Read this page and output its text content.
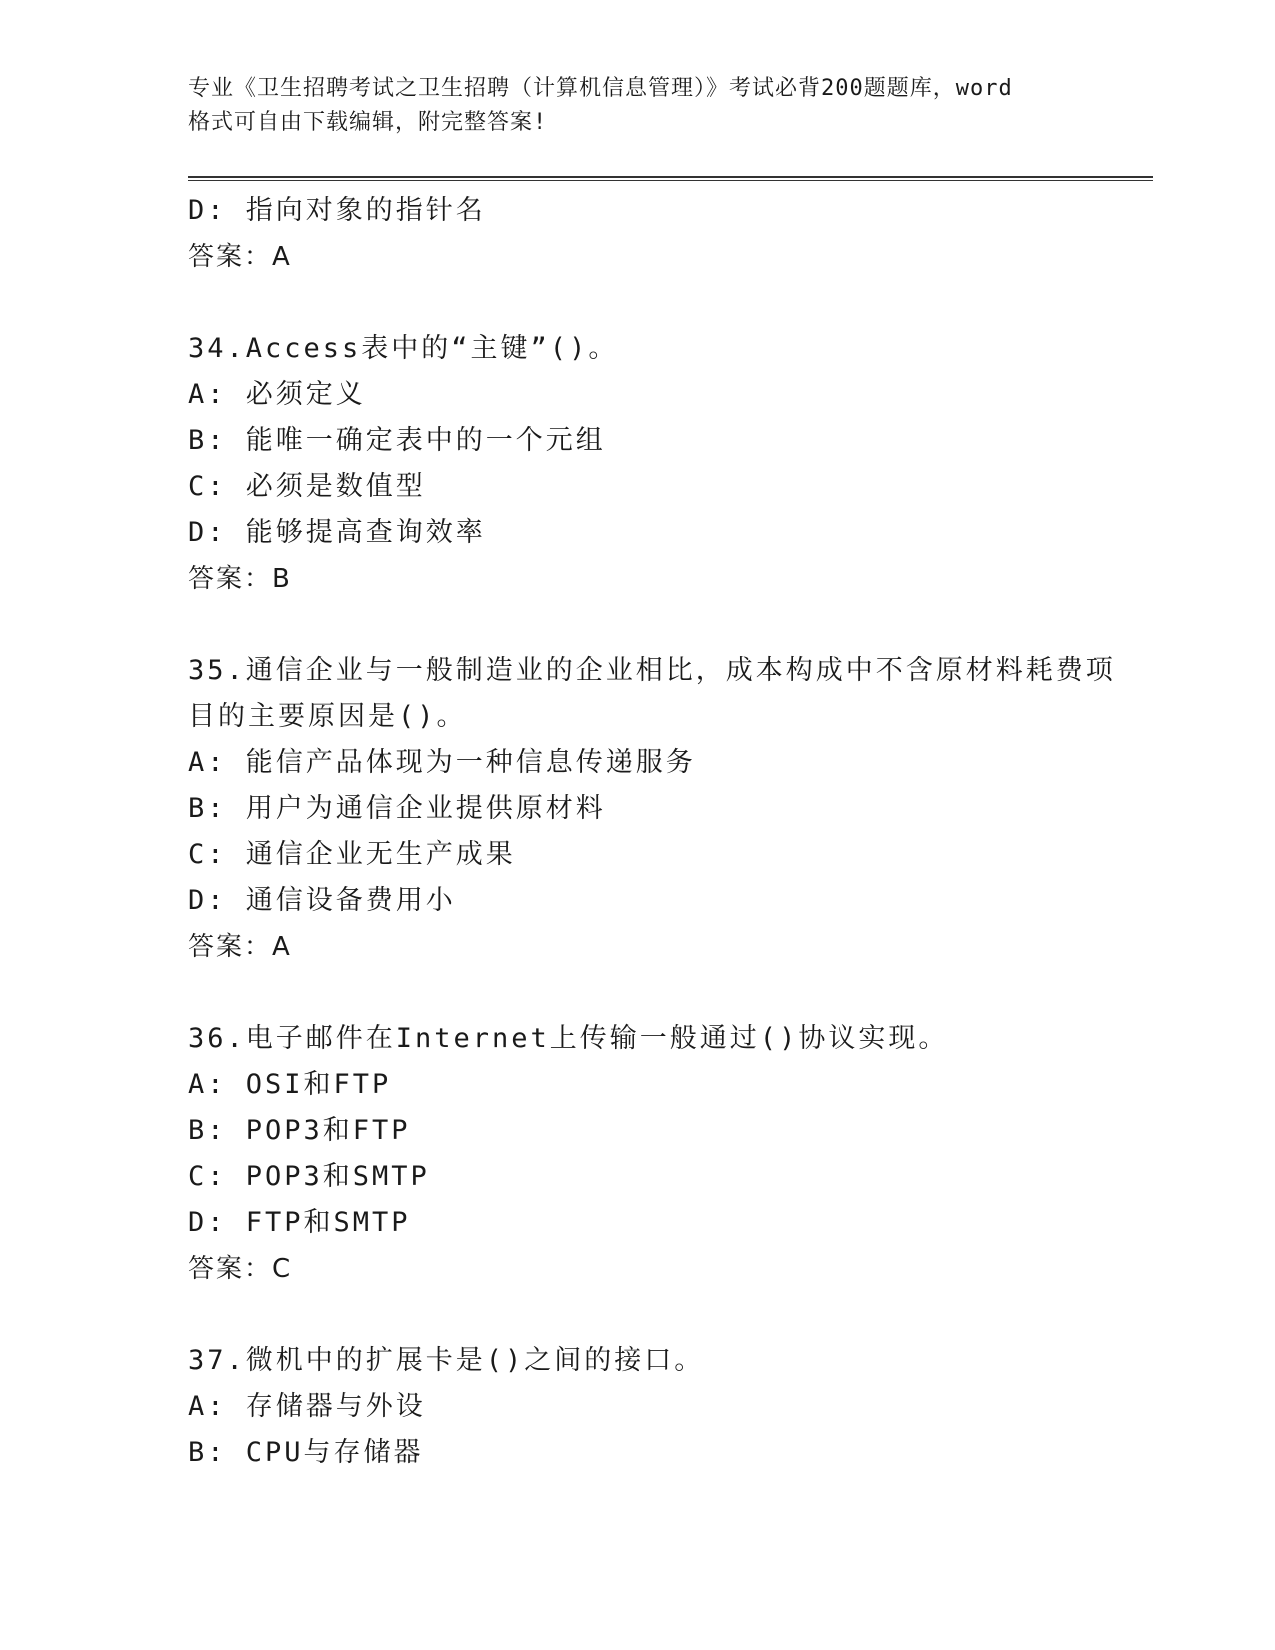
专业《卫生招聘考试之卫生招聘（计算机信息管理）》考试必背200题题库，word
格式可自由下载编辑，附完整答案!
D: 指向对象的指针名
答案：A
34.Access表中的“主键”()。
A: 必须定义
B: 能唯一确定表中的一个元组
C: 必须是数值型
D: 能够提高查询效率
答案：B
35.通信企业与一般制造业的企业相比，成本构成中不含原材料耗费项
目的主要原因是()。
A: 能信产品体现为一种信息传递服务
B: 用户为通信企业提供原材料
C: 通信企业无生产成果
D: 通信设备费用小
答案：A
36.电子邮件在Internet上传输一般通过()协议实现。
A: OSI和FTP
B: POP3和FTP
C: POP3和SMTP
D: FTP和SMTP
答案：C
37.微机中的扩展卡是()之间的接口。
A: 存储器与外设
B: CPU与存储器
